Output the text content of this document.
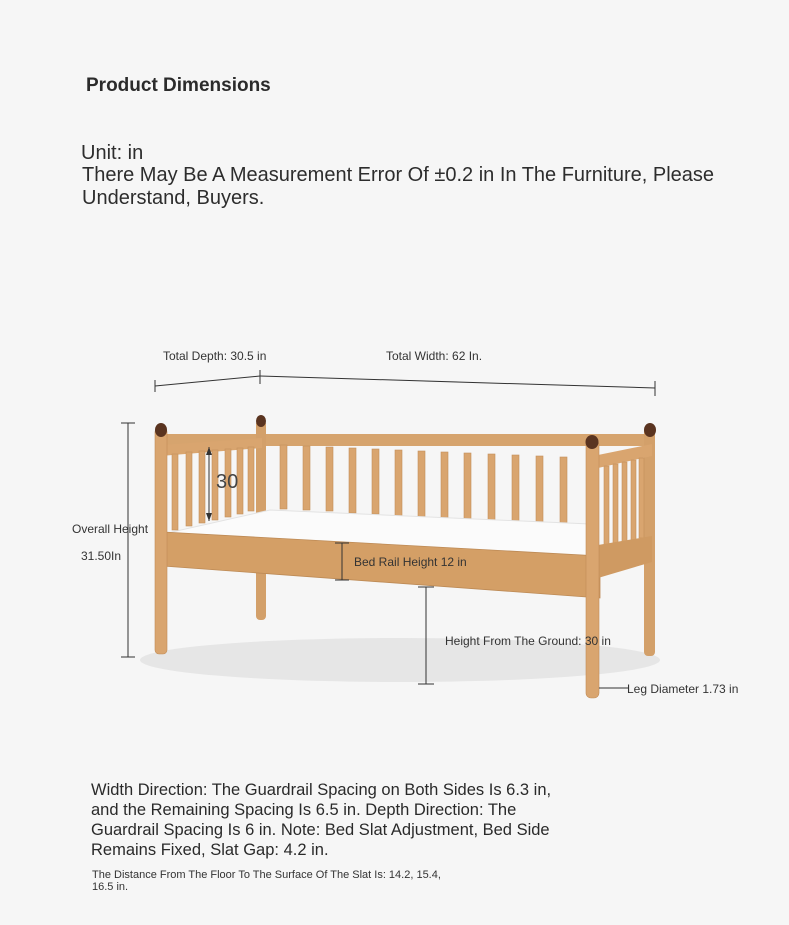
Product Dimensions
Unit: in
There May Be A Measurement Error Of ±0.2 in In The Furniture, Please Understand, Buyers.
Total Depth: 30.5 in	Total Width: 62 In.
30
Overall Height
31.50In	Bed Rail Height 12 in
Height From The Ground: 30 in
Leg Diameter 1.73 in
Width Direction: The Guardrail Spacing on Both Sides Is 6.3 in, and the Remaining Spacing Is 6.5 in. Depth Direction: The Guardrail Spacing Is 6 in. Note: Bed Slat Adjustment, Bed Side Remains Fixed, Slat Gap: 4.2 in.
The Distance From The Floor To The Surface Of The Slat Is: 14.2, 15.4, 16.5 in.
